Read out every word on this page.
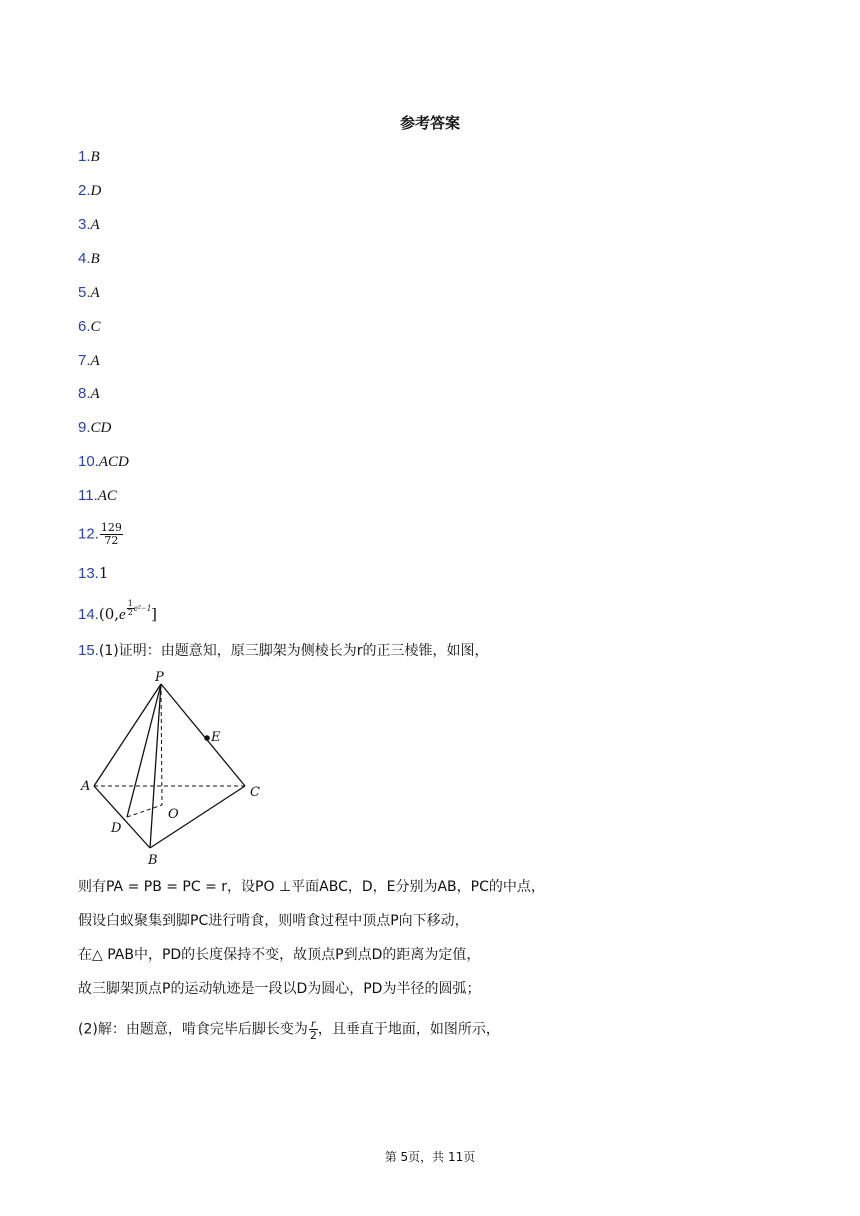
参考答案
1.B
2.D
3.A
4.B
5.A
6.C
7.A
8.A
9.CD
10.ACD
11.AC
12. $\frac{129}{72}$
13.1
14.(0,e $^{\frac{1}{2} e^2-1}$]
15.(1)证明：由题意知，原三脚架为侧棱长为r的正三棱锥，如图，
P
E
A	C
O
D
B
则有PA = PB = PC = r，设PO ⊥平面ABC，D，E分别为AB，PC的中点，
假设白蚁聚集到脚PC进行啃食，则啃食过程中顶点P向下移动，
在△ PAB中，PD的长度保持不变，故顶点P到点D的距离为定值，
故三脚架顶点P的运动轨迹是一段以D为圆心，PD为半径的圆弧；
(2)解：由题意，啃食完毕后脚长变为 $\frac{r}{2}$ ，且垂直于地面，如图所示，
第 5页，共 11页
